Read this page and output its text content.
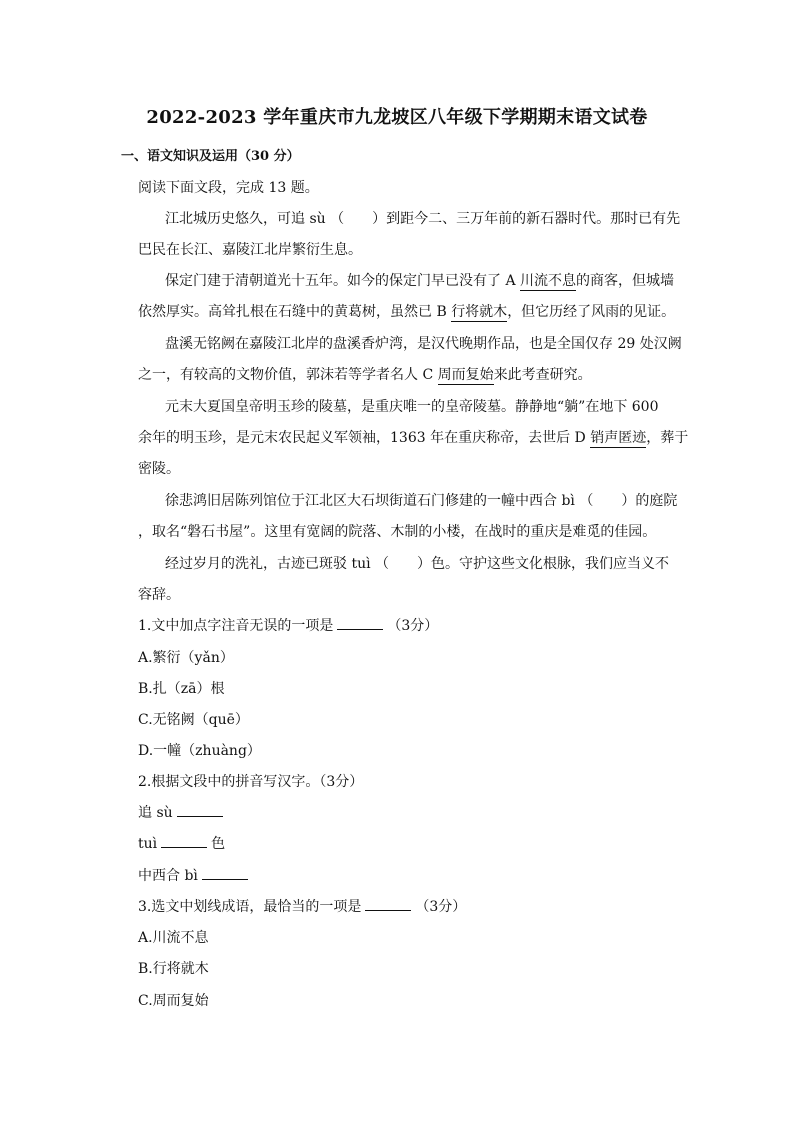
2022-2023 学年重庆市九龙坡区八年级下学期期末语文试卷
一、语文知识及运用（30 分）
阅读下面文段，完成 13 题。
江北城历史悠久，可追 sù （　　）到距今二、三万年前的新石器时代。那时已有先
巴民在长江、嘉陵江北岸繁衍生息。
保定门建于清朝道光十五年。如今的保定门早已没有了 A 川流不息的商客，但城墙
依然厚实。高耸扎根在石缝中的黄葛树，虽然已 B 行将就木，但它历经了风雨的见证。
盘溪无铭阙在嘉陵江北岸的盘溪香炉湾，是汉代晚期作品，也是全国仅存 29 处汉阙
之一，有较高的文物价值，郭沫若等学者名人 C 周而复始来此考查研究。
元末大夏国皇帝明玉珍的陵墓，是重庆唯一的皇帝陵墓。静静地“躺”在地下 600
余年的明玉珍，是元末农民起义军领袖，1363 年在重庆称帝，去世后 D 销声匿迹，葬于
密陵。
徐悲鸿旧居陈列馆位于江北区大石坝街道石门修建的一幢中西合 bì （　　）的庭院
，取名“磐石书屋”。这里有宽阔的院落、木制的小楼，在战时的重庆是难觅的佳园。
经过岁月的洗礼，古迹已斑驳 tuì （　　）色。守护这些文化根脉，我们应当义不
容辞。
1.文中加点字注音无误的一项是	（3分）
A.繁衍（yǎn）
B.扎（zā）根
C.无铭阙（quē）
D.一幢（zhuàng）
2.根据文段中的拼音写汉字。（3分）
追 sù
tuì	色
中西合 bì
3.选文中划线成语，最恰当的一项是	（3分）
A.川流不息
B.行将就木
C.周而复始
